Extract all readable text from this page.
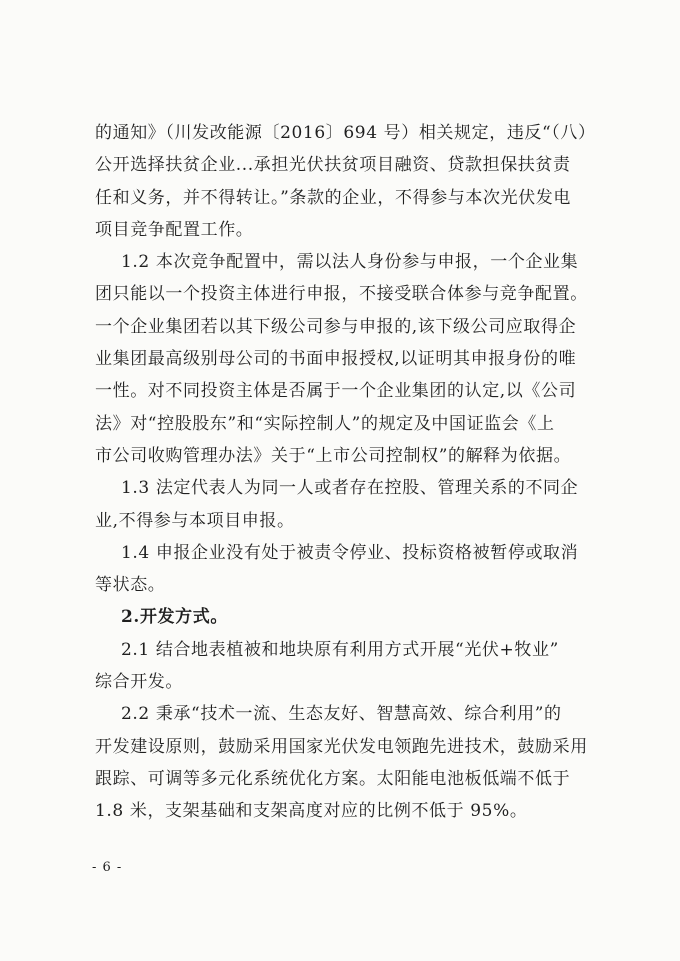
的通知》（川发改能源〔2016〕694 号）相关规定，违反“（八）
公开选择扶贫企业...承担光伏扶贫项目融资、贷款担保扶贫责
任和义务，并不得转让。”条款的企业，不得参与本次光伏发电
项目竞争配置工作。
1.2 本次竞争配置中，需以法人身份参与申报，一个企业集
团只能以一个投资主体进行申报，不接受联合体参与竞争配置。
一个企业集团若以其下级公司参与申报的,该下级公司应取得企
业集团最高级别母公司的书面申报授权,以证明其申报身份的唯
一性。对不同投资主体是否属于一个企业集团的认定,以《公司
法》对“控股股东”和“实际控制人”的规定及中国证监会《上
市公司收购管理办法》关于“上市公司控制权”的解释为依据。
1.3 法定代表人为同一人或者存在控股、管理关系的不同企
业,不得参与本项目申报。
1.4 申报企业没有处于被责令停业、投标资格被暂停或取消
等状态。
2.开发方式。
2.1 结合地表植被和地块原有利用方式开展“光伏+牧业”
综合开发。
2.2 秉承“技术一流、生态友好、智慧高效、综合利用”的
开发建设原则，鼓励采用国家光伏发电领跑先进技术，鼓励采用
跟踪、可调等多元化系统优化方案。太阳能电池板低端不低于
1.8 米，支架基础和支架高度对应的比例不低于 95%。
- 6 -
